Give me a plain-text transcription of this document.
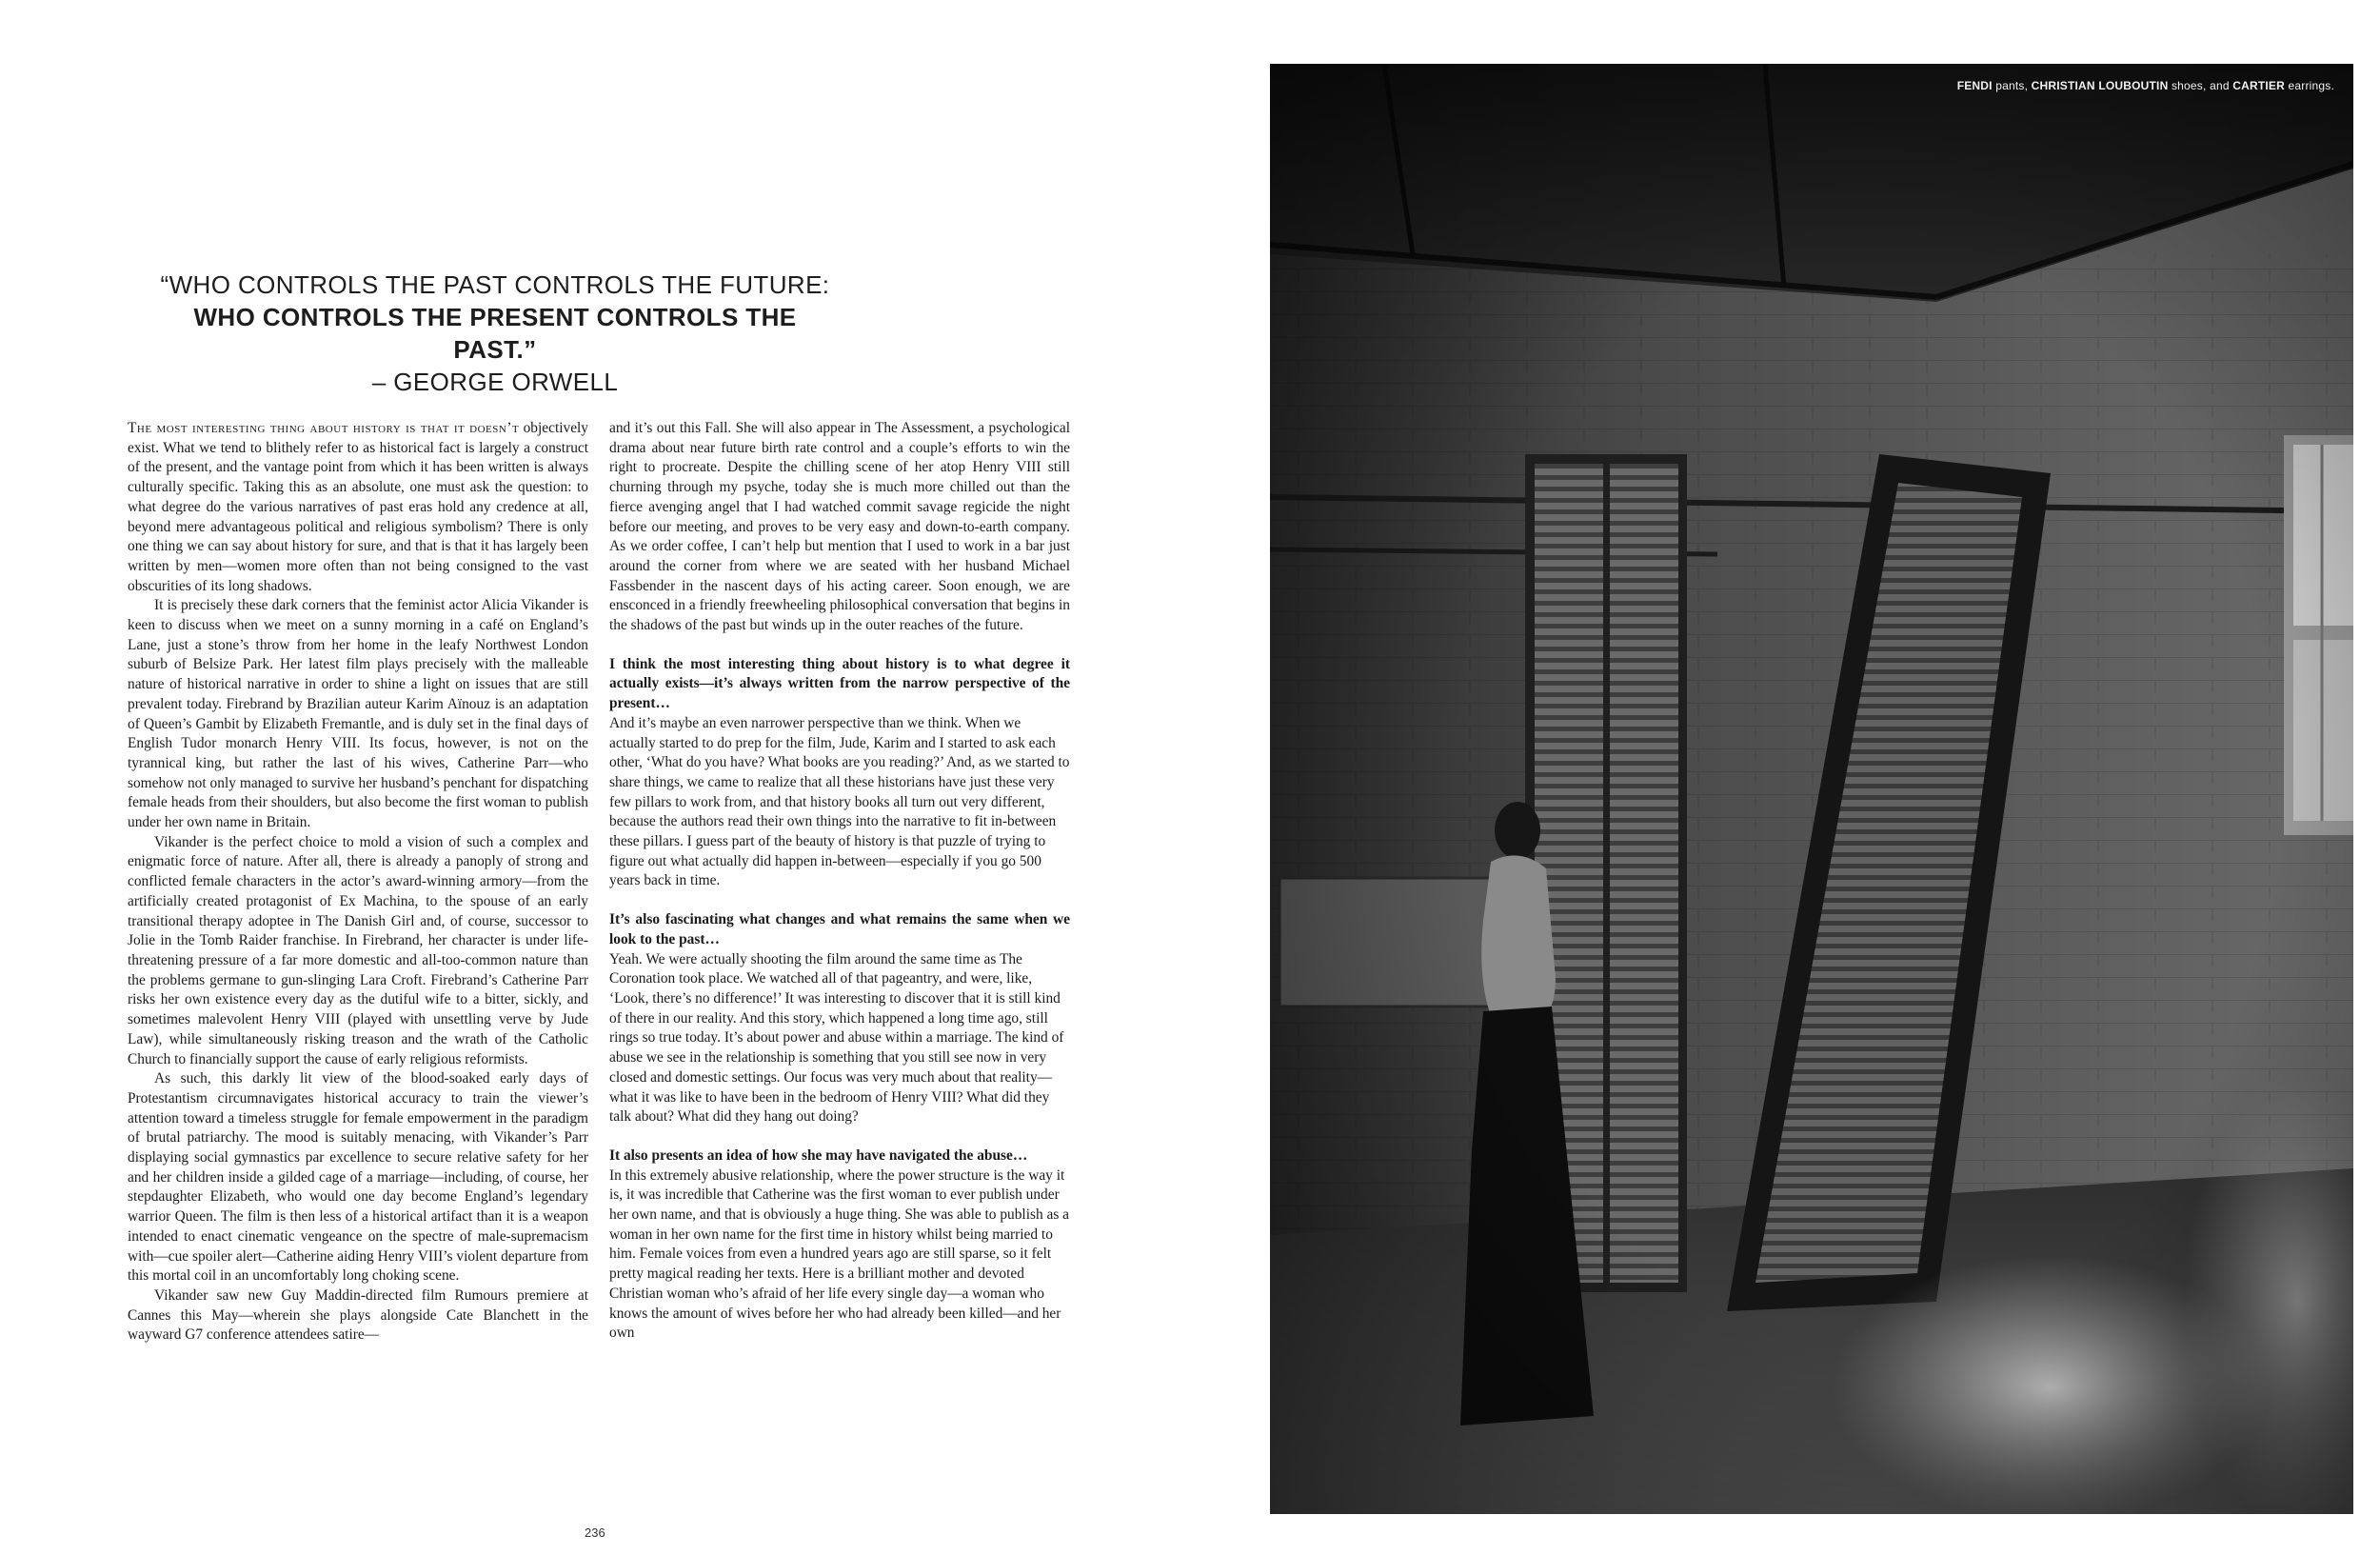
“WHO CONTROLS THE PAST CONTROLS THE FUTURE:
WHO CONTROLS THE PRESENT CONTROLS THE PAST.”
– GEORGE ORWELL

The most interesting thing about history is that it doesn’t objectively exist. What we tend to blithely refer to as historical fact is largely a construct of the present, and the vantage point from which it has been written is always culturally specific. Taking this as an absolute, one must ask the question: to what degree do the various narratives of past eras hold any credence at all, beyond mere advantageous political and religious symbolism? There is only one thing we can say about history for sure, and that is that it has largely been written by men—women more often than not being consigned to the vast obscurities of its long shadows.

It is precisely these dark corners that the feminist actor Alicia Vikander is keen to discuss when we meet on a sunny morning in a café on England’s Lane, just a stone’s throw from her home in the leafy Northwest London suburb of Belsize Park. Her latest film plays precisely with the malleable nature of historical narrative in order to shine a light on issues that are still prevalent today. Firebrand by Brazilian auteur Karim Aïnouz is an adaptation of Queen’s Gambit by Elizabeth Fremantle, and is duly set in the final days of English Tudor monarch Henry VIII. Its focus, however, is not on the tyrannical king, but rather the last of his wives, Catherine Parr—who somehow not only managed to survive her husband’s penchant for dispatching female heads from their shoulders, but also become the first woman to publish under her own name in Britain.

Vikander is the perfect choice to mold a vision of such a complex and enigmatic force of nature. After all, there is already a panoply of strong and conflicted female characters in the actor’s award-winning armory—from the artificially created protagonist of Ex Machina, to the spouse of an early transitional therapy adoptee in The Danish Girl and, of course, successor to Jolie in the Tomb Raider franchise. In Firebrand, her character is under life-threatening pressure of a far more domestic and all-too-common nature than the problems germane to gun-slinging Lara Croft. Firebrand’s Catherine Parr risks her own existence every day as the dutiful wife to a bitter, sickly, and sometimes malevolent Henry VIII (played with unsettling verve by Jude Law), while simultaneously risking treason and the wrath of the Catholic Church to financially support the cause of early religious reformists.

As such, this darkly lit view of the blood-soaked early days of Protestantism circumnavigates historical accuracy to train the viewer’s attention toward a timeless struggle for female empowerment in the paradigm of brutal patriarchy. The mood is suitably menacing, with Vikander’s Parr displaying social gymnastics par excellence to secure relative safety for her and her children inside a gilded cage of a marriage—including, of course, her stepdaughter Elizabeth, who would one day become England’s legendary warrior Queen. The film is then less of a historical artifact than it is a weapon intended to enact cinematic vengeance on the spectre of male-supremacism with—cue spoiler alert—Catherine aiding Henry VIII’s violent departure from this mortal coil in an uncomfortably long choking scene.

Vikander saw new Guy Maddin-directed film Rumours premiere at Cannes this May—wherein she plays alongside Cate Blanchett in the wayward G7 conference attendees satire—

and it’s out this Fall. She will also appear in The Assessment, a psychological drama about near future birth rate control and a couple’s efforts to win the right to procreate. Despite the chilling scene of her atop Henry VIII still churning through my psyche, today she is much more chilled out than the fierce avenging angel that I had watched commit savage regicide the night before our meeting, and proves to be very easy and down-to-earth company. As we order coffee, I can’t help but mention that I used to work in a bar just around the corner from where we are seated with her husband Michael Fassbender in the nascent days of his acting career. Soon enough, we are ensconced in a friendly freewheeling philosophical conversation that begins in the shadows of the past but winds up in the outer reaches of the future.

I think the most interesting thing about history is to what degree it actually exists—it’s always written from the narrow perspective of the present…

And it’s maybe an even narrower perspective than we think. When we actually started to do prep for the film, Jude, Karim and I started to ask each other, ‘What do you have? What books are you reading?’ And, as we started to share things, we came to realize that all these historians have just these very few pillars to work from, and that history books all turn out very different, because the authors read their own things into the narrative to fit in-between these pillars. I guess part of the beauty of history is that puzzle of trying to figure out what actually did happen in-between—especially if you go 500 years back in time.

It’s also fascinating what changes and what remains the same when we look to the past…

Yeah. We were actually shooting the film around the same time as The Coronation took place. We watched all of that pageantry, and were, like, ‘Look, there’s no difference!’ It was interesting to discover that it is still kind of there in our reality. And this story, which happened a long time ago, still rings so true today. It’s about power and abuse within a marriage. The kind of abuse we see in the relationship is something that you still see now in very closed and domestic settings. Our focus was very much about that reality—what it was like to have been in the bedroom of Henry VIII? What did they talk about? What did they hang out doing?

It also presents an idea of how she may have navigated the abuse…

In this extremely abusive relationship, where the power structure is the way it is, it was incredible that Catherine was the first woman to ever publish under her own name, and that is obviously a huge thing. She was able to publish as a woman in her own name for the first time in history whilst being married to him. Female voices from even a hundred years ago are still sparse, so it felt pretty magical reading her texts. Here is a brilliant mother and devoted Christian woman who’s afraid of her life every single day—a woman who knows the amount of wives before her who had already been killed—and her own

236
FENDI pants, CHRISTIAN LOUBOUTIN shoes, and CARTIER earrings.
